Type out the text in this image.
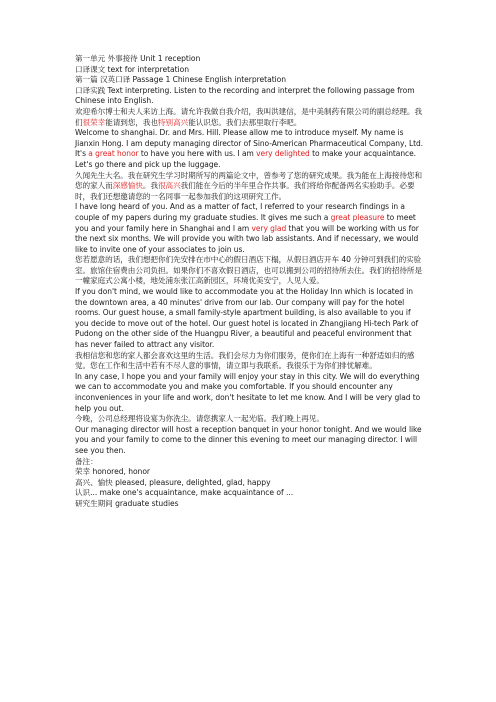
第一单元 外事接待 Unit 1 reception

口译课文 text for interpretation

第一篇 汉英口译 Passage 1 Chinese English interpretation

口译实践 Text interpreting. Listen to the recording and interpret the following passage from Chinese into English.

欢迎希尔博士和夫人来访上海。请允许我做自我介绍，我叫洪建信，是中美制药有限公司的副总经理。我们很荣幸能请到您，我也特别高兴能认识您。我们去那里取行李吧。

Welcome to shanghai. Dr. and Mrs. Hill. Please allow me to introduce myself. My name is Jianxin Hong. I am deputy managing director of Sino-American Pharmaceutical Company, Ltd. It's a great honor to have you here with us. I am very delighted to make your acquaintance. Let's go there and pick up the luggage.

久闻先生大名。我在研究生学习时期所写的两篇论文中，曾参考了您的研究成果。我为能在上海接待您和您的家人而深感愉快。我很高兴我们能在今后的半年里合作共事。我们将给你配备两名实验助手。必要时，我们还想邀请您的一名同事一起参加我们的这项研究工作。

I have long heard of you. And as a matter of fact, I referred to your research findings in a couple of my papers during my graduate studies. It gives me such a great pleasure to meet you and your family here in Shanghai and I am very glad that you will be working with us for the next six months. We will provide you with two lab assistants. And if necessary, we would like to invite one of your associates to join us.

您若愿意的话，我们想把你们先安排在市中心的假日酒店下榻，从假日酒店开车 40 分钟可到我们的实验室。旅馆住宿费由公司负担。如果你们不喜欢假日酒店，也可以搬到公司的招待所去住。我们的招待所是一幢家庭式公寓小楼，地处浦东张江高新园区，环境优美安宁，人见人爱。

If you don't mind, we would like to accommodate you at the Holiday Inn which is located in the downtown area, a 40 minutes' drive from our lab. Our company will pay for the hotel rooms. Our guest house, a small family-style apartment building, is also available to you if you decide to move out of the hotel. Our guest hotel is located in Zhangjiang Hi-tech Park of Pudong on the other side of the Huangpu River, a beautiful and peaceful environment that has never failed to attract any visitor.

我相信您和您的家人都会喜欢这里的生活。我们会尽力为你们服务，使你们在上海有一种舒适如归的感觉。您在工作和生活中若有不尽人意的事情，请立即与我联系。我很乐于为你们排忧解难。

In any case, I hope you and your family will enjoy your stay in this city. We will do everything we can to accommodate you and make you comfortable. If you should encounter any inconveniences in your life and work, don't hesitate to let me know. And I will be very glad to help you out.

今晚，公司总经理将设宴为你洗尘。请您携家人一起光临。我们晚上再见。

Our managing director will host a reception banquet in your honor tonight. And we would like you and your family to come to the dinner this evening to meet our managing director. I will see you then.

备注：

荣幸 honored, honor

高兴、愉快 pleased, pleasure, delighted, glad, happy

认识... make one's acquaintance, make acquaintance of ...

研究生期间 graduate studies
